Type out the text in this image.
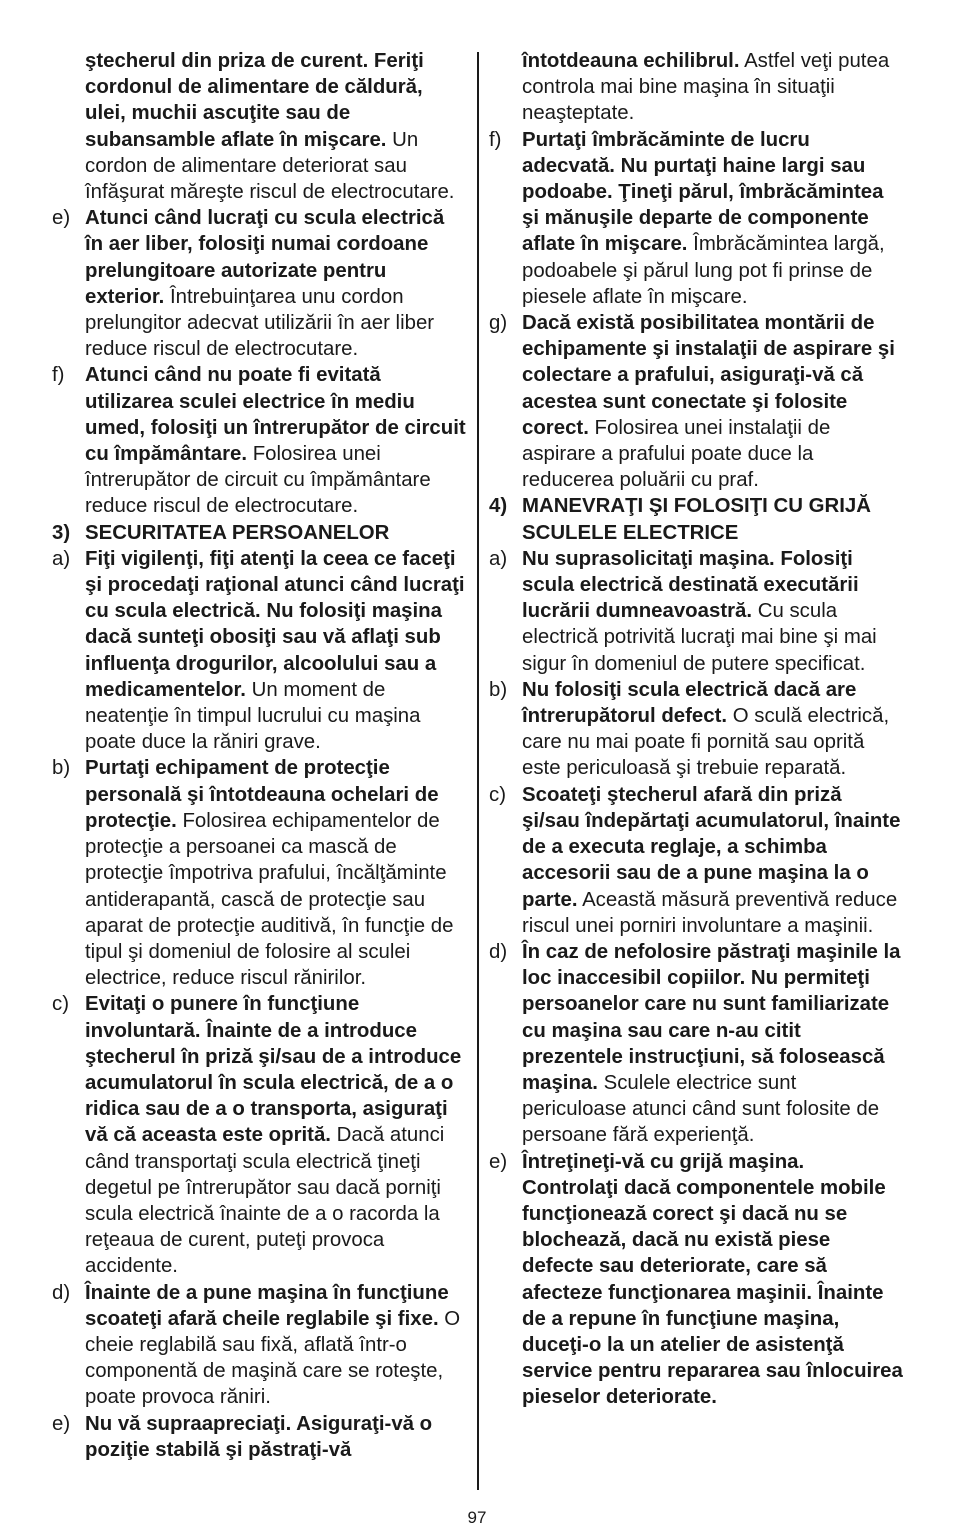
ştecherul din priza de curent. Feriţi cordonul de alimentare de căldură, ulei, muchii ascuţite sau de subansamble aflate în mişcare. Un cordon de alimentare deteriorat sau înfăşurat măreşte riscul de electrocutare.
e) Atunci când lucraţi cu scula electrică în aer liber, folosiţi numai cordoane prelungitoare autorizate pentru exterior. Întrebuinţarea unu cordon prelungitor adecvat utilizării în aer liber reduce riscul de electrocutare.
f)	Atunci când nu poate fi evitată utilizarea sculei electrice în mediu umed, folosiţi un întrerupător de circuit cu împământare. Folosirea unei întrerupător de circuit cu împământare reduce riscul de electrocutare.
3) SECURITATEA PERSOANELOR
a) Fiţi vigilenţi, fiţi atenţi la ceea ce faceţi şi procedaţi raţional atunci când lucraţi cu scula electrică. Nu folosiţi maşina dacă sunteţi obosiţi sau vă aflaţi sub influenţa drogurilor, alcoolului sau a medicamentelor. Un moment de neatenţie în timpul lucrului cu maşina poate duce la răniri grave.
b) Purtaţi echipament de protecţie personală şi întotdeauna ochelari de protecţie. Folosirea echipamentelor de protecţie a persoanei ca mască de protecţie împotriva prafului, încălţăminte antiderapantă, cască de protecţie sau aparat de protecţie auditivă, în funcţie de tipul şi domeniul de folosire al sculei electrice, reduce riscul rănirilor.
c) Evitaţi o punere în funcţiune involuntară. Înainte de a introduce ştecherul în priză şi/sau de a introduce acumulatorul în scula electrică, de a o ridica sau de a o transporta, asiguraţi vă că aceasta este oprită. Dacă atunci când transportaţi scula electrică ţineţi degetul pe întrerupător sau dacă porniţi scula electrică înainte de a o racorda la reţeaua de curent, puteţi provoca accidente.
d) Înainte de a pune maşina în funcţiune scoateţi afară cheile reglabile şi fixe. O cheie reglabilă sau fixă, aflată într-o componentă de maşină care se roteşte, poate provoca răniri.
e) Nu vă supraapreciaţi. Asiguraţi-vă o poziţie stabilă şi păstraţi-vă
întotdeauna echilibrul. Astfel veţi putea controla mai bine maşina în situaţii neaşteptate.
f)	Purtaţi îmbrăcăminte de lucru adecvată. Nu purtaţi haine largi sau podoabe. Ţineţi părul, îmbrăcămintea şi mănuşile departe de componente aflate în mişcare. Îmbrăcămintea largă, podoabele şi părul lung pot fi prinse de piesele aflate în mişcare.
g) Dacă există posibilitatea montării de echipamente şi instalaţii de aspirare şi colectare a prafului, asiguraţi-vă că acestea sunt conectate şi folosite corect. Folosirea unei instalaţii de aspirare a prafului poate duce la reducerea poluării cu praf.
4) MANEVRAŢI ŞI FOLOSIŢI CU GRIJĂ SCULELE ELECTRICE
a) Nu suprasolicitaţi maşina. Folosiţi scula electrică destinată executării lucrării dumneavoastră. Cu scula electrică potrivită lucraţi mai bine şi mai sigur în domeniul de putere specificat.
b) Nu folosiţi scula electrică dacă are întrerupătorul defect. O sculă electrică, care nu mai poate fi pornită sau oprită este periculoasă şi trebuie reparată.
c) Scoateţi ştecherul afară din priză şi/sau îndepărtaţi acumulatorul, înainte de a executa reglaje, a schimba accesorii sau de a pune maşina la o parte. Această măsură preventivă reduce riscul unei porniri involuntare a maşinii.
d) În caz de nefolosire păstraţi maşinile la loc inaccesibil copiilor. Nu permiteţi persoanelor care nu sunt familiarizate cu maşina sau care n-au citit prezentele instrucţiuni, să folosească maşina. Sculele electrice sunt periculoase atunci când sunt folosite de persoane fără experienţă.
e) Întreţineţi-vă cu grijă maşina. Controlaţi dacă componentele mobile funcţionează corect şi dacă nu se blochează, dacă nu există piese defecte sau deteriorate, care să afecteze funcţionarea maşinii. Înainte de a repune în funcţiune maşina, duceţi-o la un atelier de asistenţă service pentru repararea sau înlocuirea pieselor deteriorate.
97
